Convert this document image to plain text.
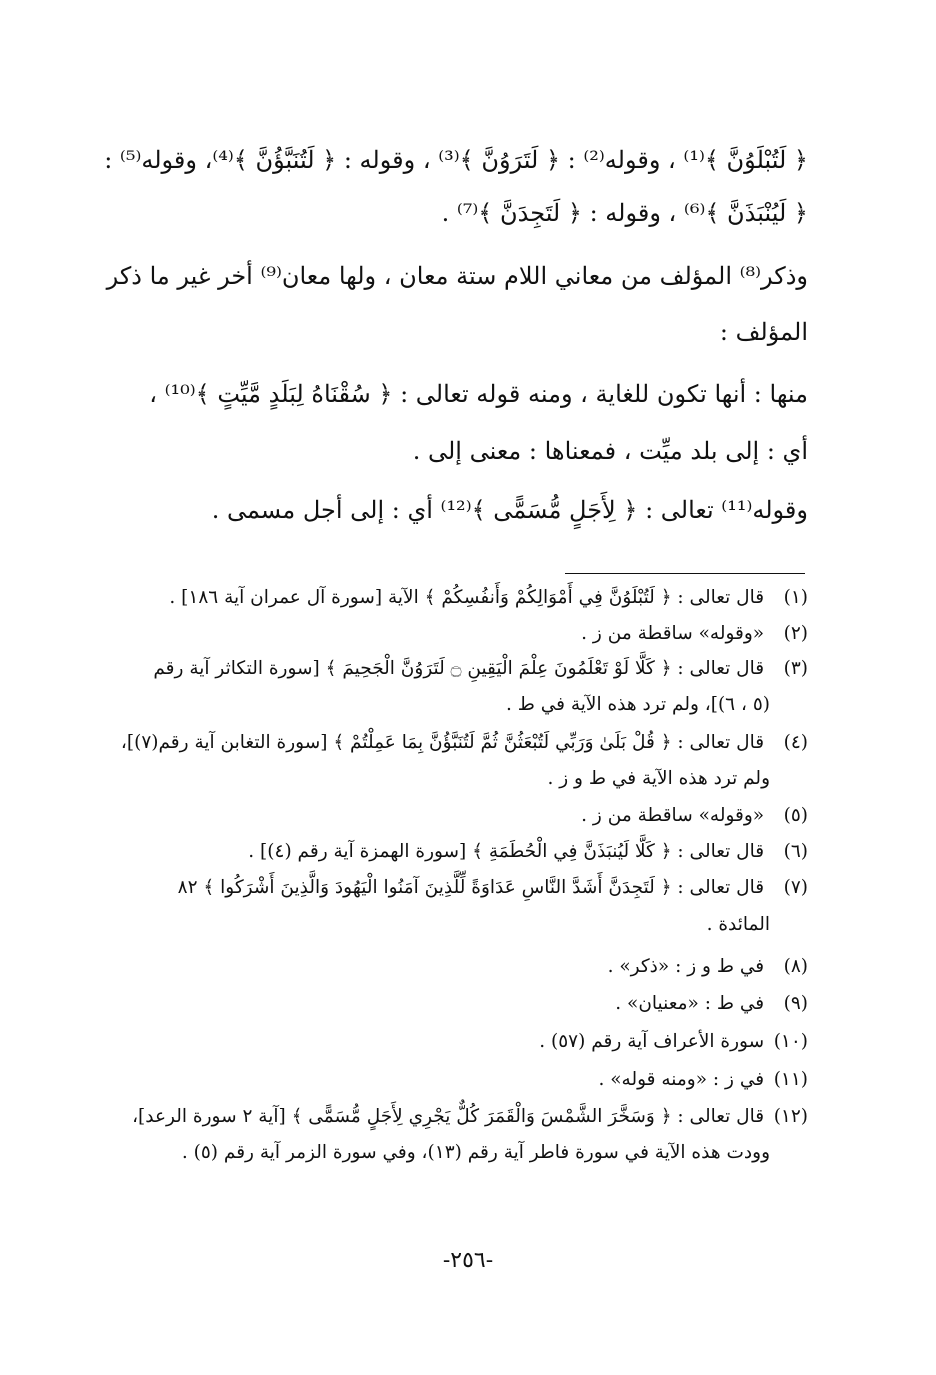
﴿ لَتُبْلَوُنَّ ﴾⁽¹⁾ ، وقوله⁽²⁾ : ﴿ لَتَرَوُنَّ ﴾⁽³⁾ ، وقوله : ﴿ لَتُنَبَّؤُنَّ ﴾⁽⁴⁾، وقوله⁽⁵⁾ :
﴿ لَيُنْبَذَنَّ ﴾⁽⁶⁾ ، وقوله : ﴿ لَتَجِدَنَّ ﴾⁽⁷⁾ .
وذكر⁽⁸⁾ المؤلف من معاني اللام ستة معان ، ولها معان⁽⁹⁾ أخر غير ما ذكر
المؤلف :
منها : أنها تكون للغاية ، ومنه قوله تعالى : ﴿ سُقْنَاهُ لِبَلَدٍ مَّيِّتٍ ﴾⁽¹⁰⁾ ،
أي : إلى بلد ميِّت ، فمعناها : معنى إلى .
وقوله⁽¹¹⁾ تعالى : ﴿ لِأَجَلٍ مُّسَمًّى ﴾⁽¹²⁾ أي : إلى أجل مسمى .
(١) قال تعالى : ﴿ لَتُبْلَوُنَّ فِي أَمْوَالِكُمْ وَأَنفُسِكُمْ ﴾ الآية [سورة آل عمران آية ١٨٦] .
(٢) «وقوله» ساقطة من ز .
(٣) قال تعالى : ﴿ كَلَّا لَوْ تَعْلَمُونَ عِلْمَ الْيَقِينِ ۝ لَتَرَوُنَّ الْجَحِيمَ ﴾ [سورة التكاثر آية رقم
(٥ ، ٦)]، ولم ترد هذه الآية في ط .
(٤) قال تعالى : ﴿ قُلْ بَلَىٰ وَرَبِّي لَتُبْعَثُنَّ ثُمَّ لَتُنَبَّؤُنَّ بِمَا عَمِلْتُمْ ﴾ [سورة التغابن آية رقم(٧)]،
ولم ترد هذه الآية في ط و ز .
(٥) «وقوله» ساقطة من ز .
(٦) قال تعالى : ﴿ كَلَّا لَيُنبَذَنَّ فِي الْحُطَمَةِ ﴾ [سورة الهمزة آية رقم (٤)] .
(٧) قال تعالى : ﴿ لَتَجِدَنَّ أَشَدَّ النَّاسِ عَدَاوَةً لِّلَّذِينَ آمَنُوا الْيَهُودَ وَالَّذِينَ أَشْرَكُوا ﴾ ٨٢
المائدة .
(٨) في ط و ز : «ذكر» .
(٩) في ط : «معنيان» .
(١٠) سورة الأعراف آية رقم (٥٧) .
(١١) في ز : «ومنه قوله» .
(١٢) قال تعالى : ﴿ وَسَخَّرَ الشَّمْسَ وَالْقَمَرَ كُلٌّ يَجْرِي لِأَجَلٍ مُّسَمًّى ﴾ [آية ٢ سورة الرعد]،
وودت هذه الآية في سورة فاطر آية رقم (١٣)، وفي سورة الزمر آية رقم (٥) .
-٢٥٦-
